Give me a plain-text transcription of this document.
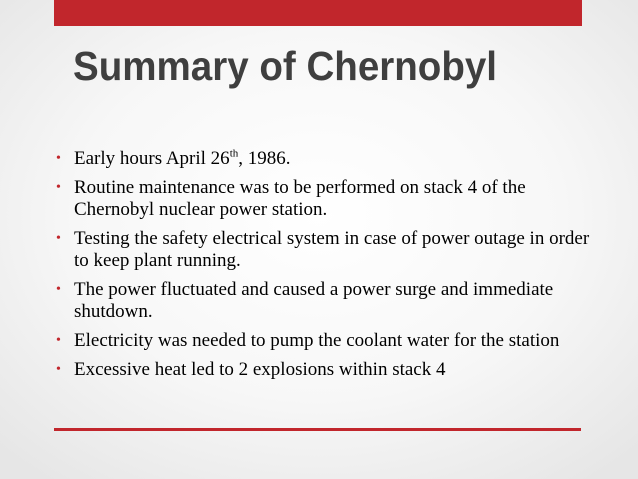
Summary of Chernobyl
• Early hours April 26th, 1986.
• Routine maintenance was to be performed on stack 4 of the Chernobyl nuclear power station.
• Testing the safety electrical system in case of power outage in order to keep plant running.
• The power fluctuated and caused a power surge and immediate shutdown.
• Electricity was needed to pump the coolant water for the station
• Excessive heat led to 2 explosions within stack 4
